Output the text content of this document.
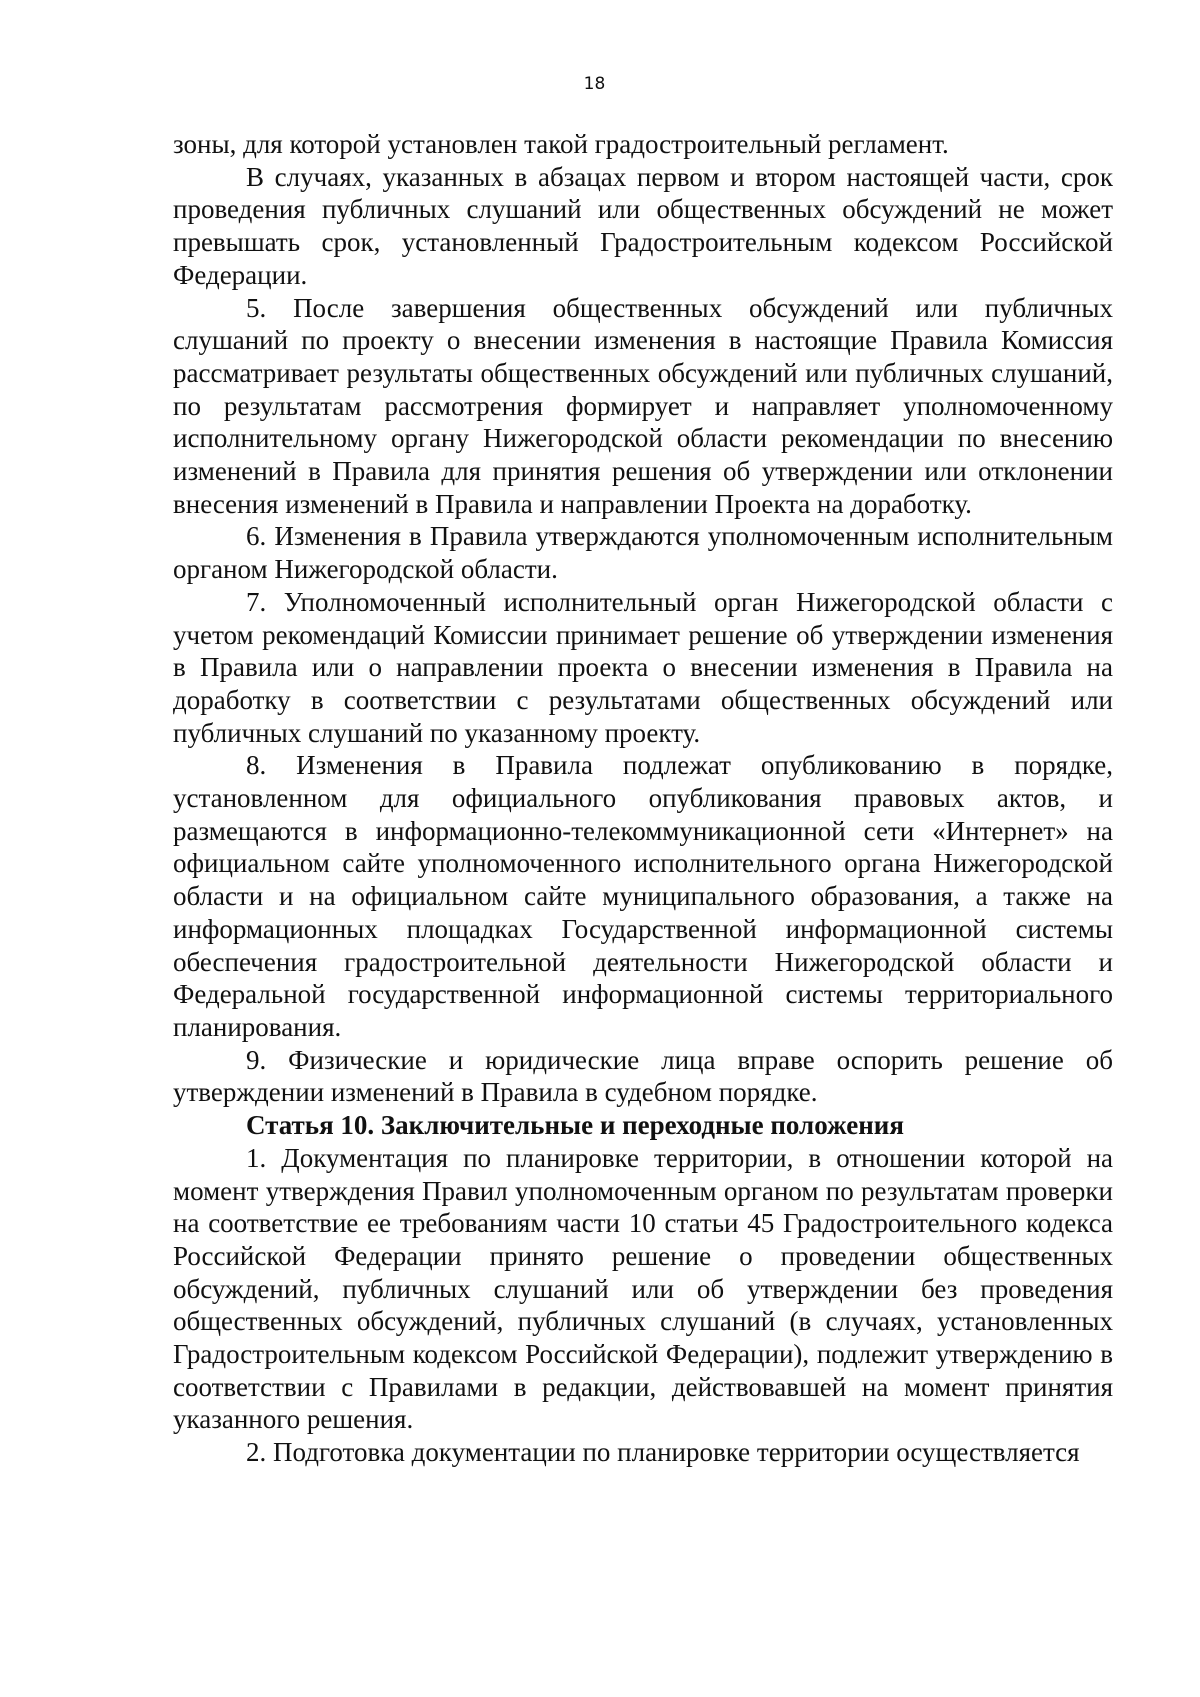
18

зоны, для которой установлен такой градостроительный регламент.

В случаях, указанных в абзацах первом и втором настоящей части, срок проведения публичных слушаний или общественных обсуждений не может превышать срок, установленный Градостроительным кодексом Российской Федерации.

5. После завершения общественных обсуждений или публичных слушаний по проекту о внесении изменения в настоящие Правила Комиссия рассматривает результаты общественных обсуждений или публичных слушаний, по результатам рассмотрения формирует и направляет уполномоченному исполнительному органу Нижегородской области рекомендации по внесению изменений в Правила для принятия решения об утверждении или отклонении внесения изменений в Правила и направлении Проекта на доработку.

6. Изменения в Правила утверждаются уполномоченным исполнительным органом Нижегородской области.

7. Уполномоченный исполнительный орган Нижегородской области с учетом рекомендаций Комиссии принимает решение об утверждении изменения в Правила или о направлении проекта о внесении изменения в Правила на доработку в соответствии с результатами общественных обсуждений или публичных слушаний по указанному проекту.

8. Изменения в Правила подлежат опубликованию в порядке, установленном для официального опубликования правовых актов, и размещаются в информационно-телекоммуникационной сети «Интернет» на официальном сайте уполномоченного исполнительного органа Нижегородской области и на официальном сайте муниципального образования, а также на информационных площадках Государственной информационной системы обеспечения градостроительной деятельности Нижегородской области и Федеральной государственной информационной системы территориального планирования.

9. Физические и юридические лица вправе оспорить решение об утверждении изменений в Правила в судебном порядке.

Статья 10. Заключительные и переходные положения

1. Документация по планировке территории, в отношении которой на момент утверждения Правил уполномоченным органом по результатам проверки на соответствие ее требованиям части 10 статьи 45 Градостроительного кодекса Российской Федерации принято решение о проведении общественных обсуждений, публичных слушаний или об утверждении без проведения общественных обсуждений, публичных слушаний (в случаях, установленных Градостроительным кодексом Российской Федерации), подлежит утверждению в соответствии с Правилами в редакции, действовавшей на момент принятия указанного решения.

2. Подготовка документации по планировке территории осуществляется
